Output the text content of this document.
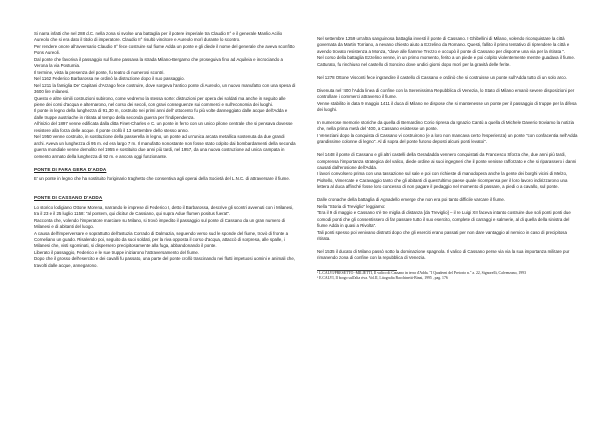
Si narra infatti che nel 288 d.C. nella zona si svolse una battaglia per il potere imperiale tra Claudio II° e il generale Manlio Acilio Aureolo che si era dato il titolo di imperatore. Claudio II° risultò vincitore e Aureolo morì durante lo scontro.

Per rendere onore all'avversario Claudio II° fece costruire sul fiume Adda un ponte e gli diede il nome del generale che aveva sconfitto Pons Aureoli.

Dal ponte che favoriva il passaggio sul fiume passava la strada Milano-Bergamo che proseguiva fino ad Aquileia e incrociando a Verona la via Postumia.

Il termine, vista la presenza del ponte, fu teatro di numerosi scontri.

Nel 1162 Federico Barbarossa ne ordinò la distruzione dopo il suo passaggio.

Nel 1211 la famiglia De' Capitani d'Arzago fece costruire, dove sorgeva l'antico ponte di Aureolo, un nuovo manufatto con una spesa di 3600 lire milanesi.

Questo e altre simili costruzioni subirono, come vedremo la stessa sorte: distruzioni per opera dei soldati ma anche in seguito alle piene dei corsi d'acqua e alternarono, nel corso dei secoli, con gravi conseguenze sui commerci e sull'economia dei luoghi.

Il ponte in legno della lunghezza di 91,30 m, costruito nei primi anni dell' ottocento fu più volte danneggiato dalle acque dell'Adda e dalle truppe austriache in ritirata al tempo della seconda guerra per l'indipendenza.

All'inizio del 1897 venne edificata dalla ditta Finet-Charles e C. un ponte in ferro con un unico pilone centrale che si pensava dovesse resistere alla forza delle acque. Il ponte crollò il 13 settembre dello stesso anno.

Nel 1950 venne costruito, in sostituzione della passerella in legno, un ponte ad un'unica arcata metallica sostenuta da due grandi archi. Aveva un lunghezza di 95 m. ed era largo 7 m. Il manufatto nonostante non fosse stato colpito dai bombardamenti della seconda guerra mondiale venne demolito nel 1955 e sostituito due anni più tardi, nel 1957, da una nuova costruzione ad unica campata in cemento armato della lunghezza di 92 m. e ancora oggi funzionante.

PONTE DI FARA GERA D'ADDA

E' un ponte in legno che ha sostituito l'originario traghetto che consentiva agli operai della Società del L.N.C. di attraversare il fiume.

PONTE DI CASSANO D'ADDA

Lo storico lodigiano Ottone Morena, narrando le imprese di Federico I, detto il Barbarossa, descrive gli scontri avvenuti con i Milanesi, tra il 23 e il 25 luglio 1158: "al pontem, qui dicitur de Cassiano, qui supra Adue flumen positus fuerat".
Racconta che, volendo l'imperatore marciare su Milano, si trovò impedito il passaggio sul ponte di Cassano da un gran numero di Milanesi e di abitanti del luogo.
A causa dell'imperversare e soprattutto dell'astuzia Corrado di Dalmazia, seguendo verso sud le sponde del fiume, trovò di fronte a Corneliano un guado. Risalendo poi, seguito da suoi soldati, per la riva opposta il corso d'acqua, attaccò di sorpresa, alle spalle, i Milanesi che, visti sgominati, si dispersero precipitosamente alla fuga, abbandonando il ponte.
Liberato il passaggio, Federico e le sue truppe iniziarono l'attraversamento del fiume.
Dopo che il grosso dell'esercito e dei cavalli fu passato, una parte del ponte crollò trascinando nei flutti impetuosi uomini e animali che, travolti dalle acque, annegarono.

Nel settembre 1259 un'altra sanguinosa battaglia investì il ponte di Cassano. I Ghibellini di Milano, volendo riconquistare la città governata da Martin Torriano, a nevano chiesto aiuto a Ezzelino da Romano. Questi, fallito il primo tentativo di riprendere la città e avendo trovato resistenza a Monza, "dove alle fiamme Trezzo e occupò il ponte di Cassano per disporne una via per la ritirata ".

Nel corso della battaglia Ezzelino venne, in un primo momento, ferito a un piede e poi colpito violentemente mentre guadava il fiume. Catturato, fu rinchiuso nel castello di Soncino dove undici giorni dopo morì per la gravità delle ferite.

Nel 1278 Ottone Visconti fece ingrandire il castello di Cassano e ordinò che si costruisse un ponte sull'Adda tutto di un solo arco.

Divenuta nel '400 l'Adda linea di confine con la Serenissima Repubblica di Venezia, lo Stato di Milano emanò severe disposizioni per controllare i commerci attraverso il fiume.

Venne stabilito in data 9 maggio 1411 il duca di Milano ne dispose che si mantenesse un ponte per il passaggio di truppe per la difesa dei luoghi.

In numerose memorie storiche da quella di Bernardino Corio ripresa da Ignazio Cantù a quella di Michele Daverio troviamo la notizia che, nella prima metà del '400, a Cassano esistesse un ponte.

I Veneziani dopo la conquista di Cassano vi costruirono (e a loro non mancava certo l'esperienza) un ponte "con confacentia nell'Adda grandissime colonne di legno". Al di sopra del ponte furono deposti alcuni ponti levatoi".

Nel 1448 il ponte di Cassano e gli altri castelli della Geradadda vennero conquistati da Francesco Sforza che, due anni più tardi, comprensa l'importanza strategica del valico, diede ordine ai suoi ingegneri che il ponte venisse rafforzato e che si riparassero i danni causati dall'erosione dell'Adda.

I lavori convolsero prima con una tassazione sul sale e poi con richieste di manodopera anche la gente dei borghi vicini di Melzo, Pioltello, Vimercate e Caravaggio tanto che gli abitanti di quest'ultimo paese quale ricompensa per il loro lavoro indirizzarono una lettera al duca affinché fosse loro concesso di non pagare il pedaggio nel momento di passare, a piedi o a cavallo, sul ponte.

Dalle cronache della battaglia di Agnadello emerge che non era poi tanto difficile varcare il fiume.

Nella "Storia di Treviglio" leggiamo:
"Era il 9 di maggio e Cassano s'è tre miglia di distanza [da Treviglio] – il re Luigi XII faceva intanto costruire due soli ponti ponti due comodi ponti che gli consentissero di far passare tutto il suo esercito, complete di carraggi e salmerie, al di quella della sinistra del fiume Adda in quasi a Rivolta".

Tali ponti spesso poi venivano distrutti dopo che gli eserciti erano passati per non dare vantaggio al nemico in caso di precipitosa ritirata.

Nel 1535 il ducato di Milano passò sotto la dominazione spagnola. Il valico di Cassano perse via via la sua importanza militare pur rimanendo zona di confine con la repubblica di Venezia.

¹ L.CALVI/PRESETTO -MILIETTI, Il valico di Cassano in terra d'Adda. "I Quaderni del Pretorio n." a. 22, Signorelli, Calvenzano, 1993

² E.CALVI, Il borgo sull'alta riva. Vol.II, Litografia Bacchinetti-Binzi, 1995 , pag. 176
